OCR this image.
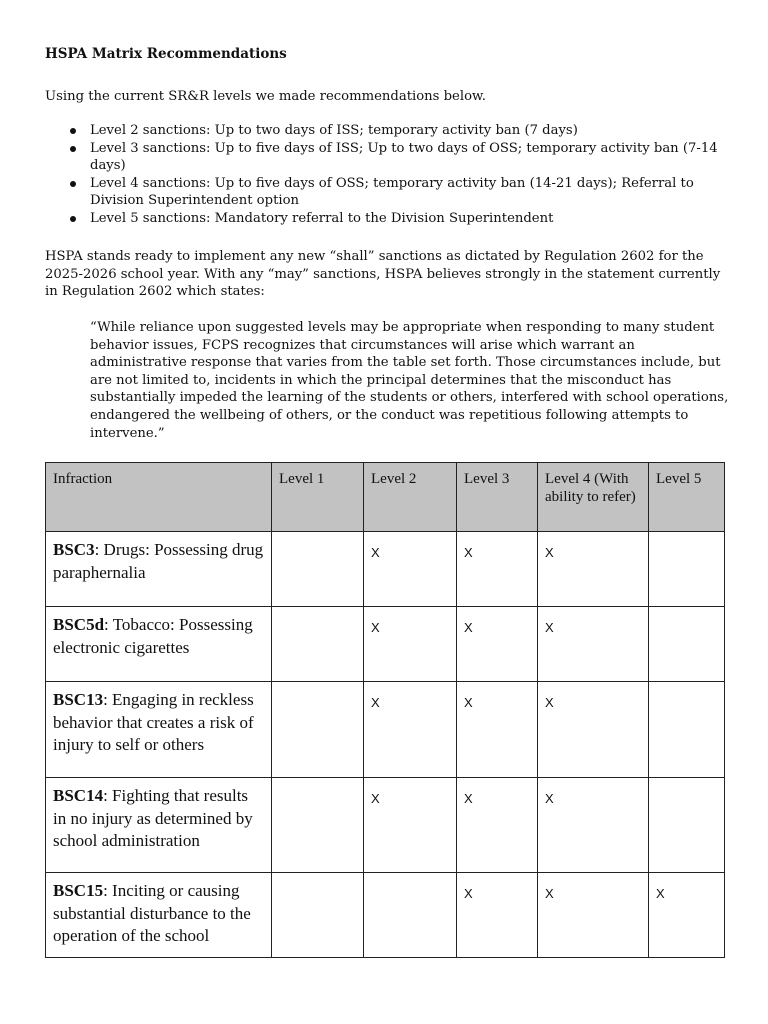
HSPA Matrix Recommendations
Using the current SR&R levels we made recommendations below.
Level 2 sanctions: Up to two days of ISS; temporary activity ban (7 days)
Level 3 sanctions: Up to five days of ISS; Up to two days of OSS; temporary activity ban (7-14 days)
Level 4 sanctions: Up to five days of OSS; temporary activity ban (14-21 days); Referral to Division Superintendent option
Level 5 sanctions: Mandatory referral to the Division Superintendent
HSPA stands ready to implement any new “shall” sanctions as dictated by Regulation 2602 for the 2025-2026 school year. With any “may” sanctions, HSPA believes strongly in the statement currently in Regulation 2602 which states:
“While reliance upon suggested levels may be appropriate when responding to many student behavior issues, FCPS recognizes that circumstances will arise which warrant an administrative response that varies from the table set forth. Those circumstances include, but are not limited to, incidents in which the principal determines that the misconduct has substantially impeded the learning of the students or others, interfered with school operations, endangered the wellbeing of others, or the conduct was repetitious following attempts to intervene.”
Infraction	Level 1	Level 2	Level 3	Level 4 (With ability to refer)	Level 5
BSC3: Drugs: Possessing drug paraphernalia		X	X	X	
BSC5d: Tobacco: Possessing electronic cigarettes		X	X	X	
BSC13: Engaging in reckless behavior that creates a risk of injury to self or others		X	X	X	
BSC14: Fighting that results in no injury as determined by school administration		X	X	X	
BSC15: Inciting or causing substantial disturbance to the operation of the school			X	X	X
